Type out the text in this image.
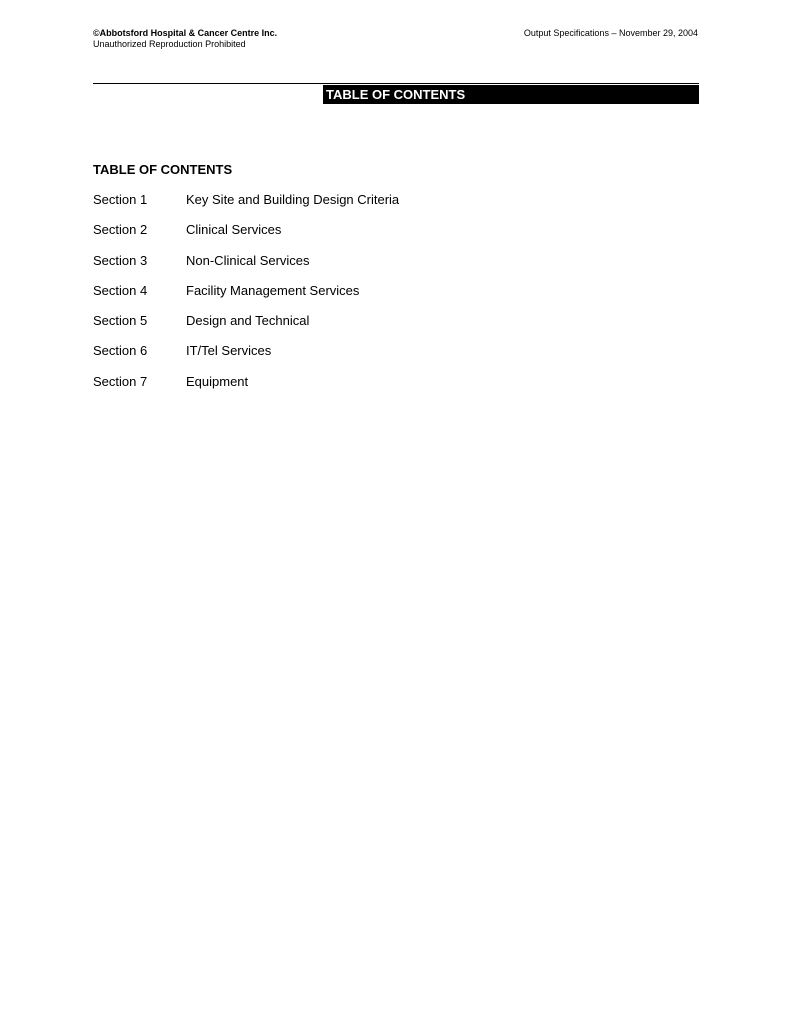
©Abbotsford Hospital & Cancer Centre Inc.
Unauthorized Reproduction Prohibited
Output Specifications – November 29, 2004
TABLE OF CONTENTS
TABLE OF CONTENTS
Section 1	Key Site and Building Design Criteria
Section 2	Clinical Services
Section 3	Non-Clinical Services
Section 4	Facility Management Services
Section 5	Design and Technical
Section 6	IT/Tel Services
Section 7	Equipment
